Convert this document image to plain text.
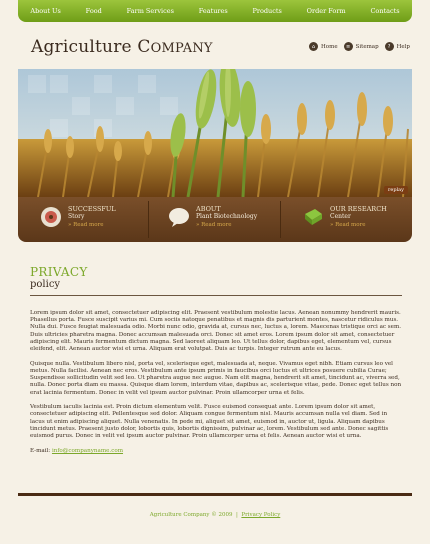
About Us	Food	Farm Services	Features	Products	Order Form	Contacts
Agriculture COMPANY	⌂	Home	≡ Sitemap	?	Help
replay
SUCCESSFUL
Story
» Read more
ABOUT
Plant Biotechnology
» Read more
OUR RESEARCH
Center
» Read more
PRIVACY
policy

Lorem ipsum dolor sit amet, consectetuer adipiscing elit. Praesent vestibulum molestie lacus. Aenean nonummy hendrerit mauris. Phasellus porta. Fusce suscipit varius mi. Cum sociis natoque penatibus et magnis dis parturient montes, nascetur ridiculus mus. Nulla dui. Fusce feugiat malesuada odio. Morbi nunc odio, gravida at, cursus nec, luctus a, lorem. Maecenas tristique orci ac sem. Duis ultricies pharetra magna. Donec accumsan malesuada orci. Donec sit amet eros. Lorem ipsum dolor sit amet, consectetuer adipiscing elit. Mauris fermentum dictum magna. Sed laoreet aliquam leo. Ut tellus dolor, dapibus eget, elementum vel, cursus eleifend, elit. Aenean auctor wisi et urna. Aliquam erat volutpat. Duis ac turpis. Integer rutrum ante eu lacus.

Quisque nulla. Vestibulum libero nisl, porta vel, scelerisque eget, malesuada at, neque. Vivamus eget nibh. Etiam cursus leo vel metus. Nulla facilisi. Aenean nec eros. Vestibulum ante ipsum primis in faucibus orci luctus et ultrices posuere cubilia Curae; Suspendisse sollicitudin velit sed leo. Ut pharetra augue nec augue. Nam elit magna, hendrerit sit amet, tincidunt ac, viverra sed, nulla. Donec porta diam eu massa. Quisque diam lorem, interdum vitae, dapibus ac, scelerisque vitae, pede. Donec eget tellus non erat lacinia fermentum. Donec in velit vel ipsum auctor pulvinar. Proin ullamcorper urna et felis.

Vestibulum iaculis lacinia est. Proin dictum elementum velit. Fusce euismod consequat ante. Lorem ipsum dolor sit amet, consectetuer adipiscing elit. Pellentesque sed dolor. Aliquam congue fermentum nisl. Mauris accumsan nulla vel diam. Sed in lacus ut enim adipiscing aliquet. Nulla venenatis. In pede mi, aliquet sit amet, euismod in, auctor ut, ligula. Aliquam dapibus tincidunt metus. Praesent justo dolor, lobortis quis, lobortis dignissim, pulvinar ac, lorem. Vestibulum sed ante. Donec sagittis euismod purus. Donec in velit vel ipsum auctor pulvinar. Proin ullamcorper urna et felis. Aenean auctor wisi et urna.

E-mail: info@companyname.com

Agriculture Company © 2009 | Privacy Policy
